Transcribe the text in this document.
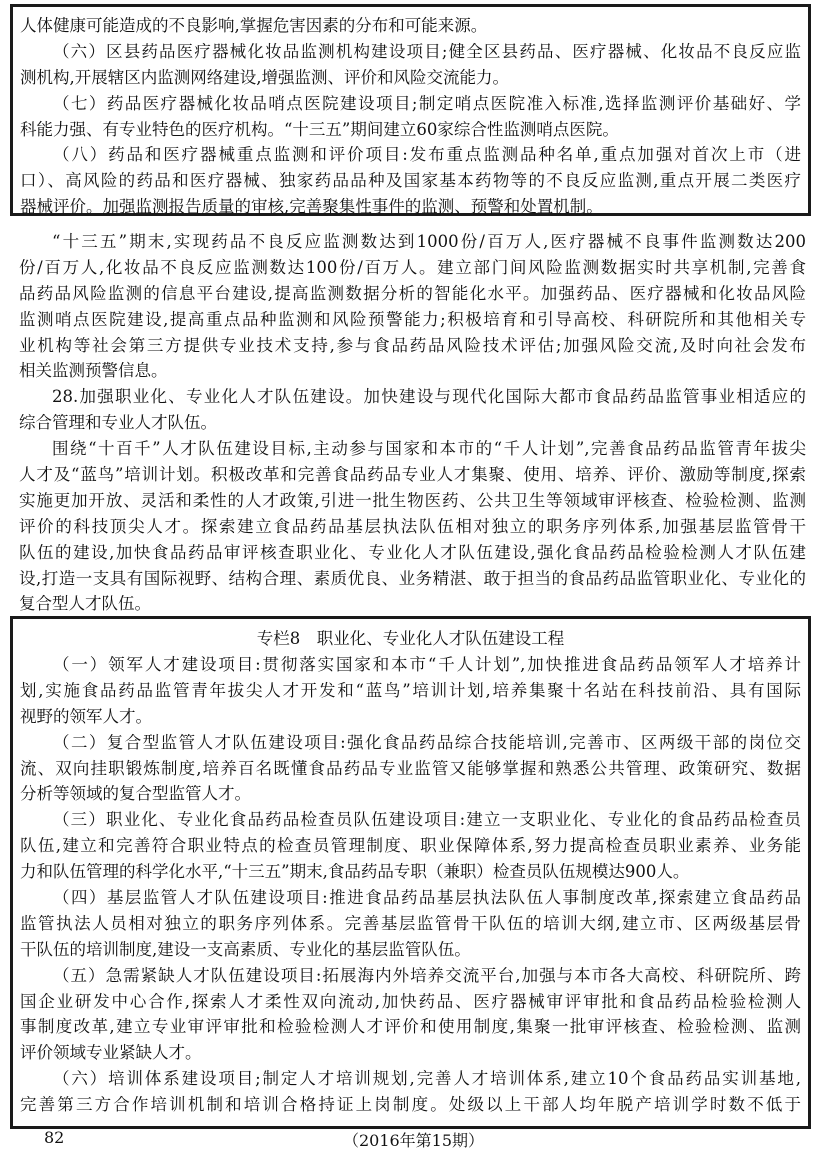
人体健康可能造成的不良影响,掌握危害因素的分布和可能来源。
（六）区县药品医疗器械化妆品监测机构建设项目;健全区县药品、医疗器械、化妆品不良反应监
测机构,开展辖区内监测网络建设,增强监测、评价和风险交流能力。
（七）药品医疗器械化妆品哨点医院建设项目;制定哨点医院准入标准,选择监测评价基础好、学
科能力强、有专业特色的医疗机构。“十三五”期间建立60家综合性监测哨点医院。
（八）药品和医疗器械重点监测和评价项目:发布重点监测品种名单,重点加强对首次上市（进
口）、高风险的药品和医疗器械、独家药品品种及国家基本药物等的不良反应监测,重点开展二类医疗
器械评价。加强监测报告质量的审核,完善聚集性事件的监测、预警和处置机制。
“十三五”期末,实现药品不良反应监测数达到1000份/百万人,医疗器械不良事件监测数达200
份/百万人,化妆品不良反应监测数达100份/百万人。建立部门间风险监测数据实时共享机制,完善食
品药品风险监测的信息平台建设,提高监测数据分析的智能化水平。加强药品、医疗器械和化妆品风险
监测哨点医院建设,提高重点品种监测和风险预警能力;积极培育和引导高校、科研院所和其他相关专
业机构等社会第三方提供专业技术支持,参与食品药品风险技术评估;加强风险交流,及时向社会发布
相关监测预警信息。
28.加强职业化、专业化人才队伍建设。加快建设与现代化国际大都市食品药品监管事业相适应的
综合管理和专业人才队伍。
围绕“十百千”人才队伍建设目标,主动参与国家和本市的“千人计划”,完善食品药品监管青年拔尖
人才及“蓝鸟”培训计划。积极改革和完善食品药品专业人才集聚、使用、培养、评价、激励等制度,探索
实施更加开放、灵活和柔性的人才政策,引进一批生物医药、公共卫生等领域审评核查、检验检测、监测
评价的科技顶尖人才。探索建立食品药品基层执法队伍相对独立的职务序列体系,加强基层监管骨干
队伍的建设,加快食品药品审评核查职业化、专业化人才队伍建设,强化食品药品检验检测人才队伍建
设,打造一支具有国际视野、结构合理、素质优良、业务精湛、敢于担当的食品药品监管职业化、专业化的
复合型人才队伍。
专栏8　职业化、专业化人才队伍建设工程
（一）领军人才建设项目:贯彻落实国家和本市“千人计划”,加快推进食品药品领军人才培养计
划,实施食品药品监管青年拔尖人才开发和“蓝鸟”培训计划,培养集聚十名站在科技前沿、具有国际
视野的领军人才。
（二）复合型监管人才队伍建设项目:强化食品药品综合技能培训,完善市、区两级干部的岗位交
流、双向挂职锻炼制度,培养百名既懂食品药品专业监管又能够掌握和熟悉公共管理、政策研究、数据
分析等领域的复合型监管人才。
（三）职业化、专业化食品药品检查员队伍建设项目:建立一支职业化、专业化的食品药品检查员
队伍,建立和完善符合职业特点的检查员管理制度、职业保障体系,努力提高检查员职业素养、业务能
力和队伍管理的科学化水平,“十三五”期末,食品药品专职（兼职）检查员队伍规模达900人。
（四）基层监管人才队伍建设项目:推进食品药品基层执法队伍人事制度改革,探索建立食品药品
监管执法人员相对独立的职务序列体系。完善基层监管骨干队伍的培训大纲,建立市、区两级基层骨
干队伍的培训制度,建设一支高素质、专业化的基层监管队伍。
（五）急需紧缺人才队伍建设项目:拓展海内外培养交流平台,加强与本市各大高校、科研院所、跨
国企业研发中心合作,探索人才柔性双向流动,加快药品、医疗器械审评审批和食品药品检验检测人
事制度改革,建立专业审评审批和检验检测人才评价和使用制度,集聚一批审评核查、检验检测、监测
评价领域专业紧缺人才。
（六）培训体系建设项目;制定人才培训规划,完善人才培训体系,建立10个食品药品实训基地,
完善第三方合作培训机制和培训合格持证上岗制度。处级以上干部人均年脱产培训学时数不低于
82	（2016年第15期）
